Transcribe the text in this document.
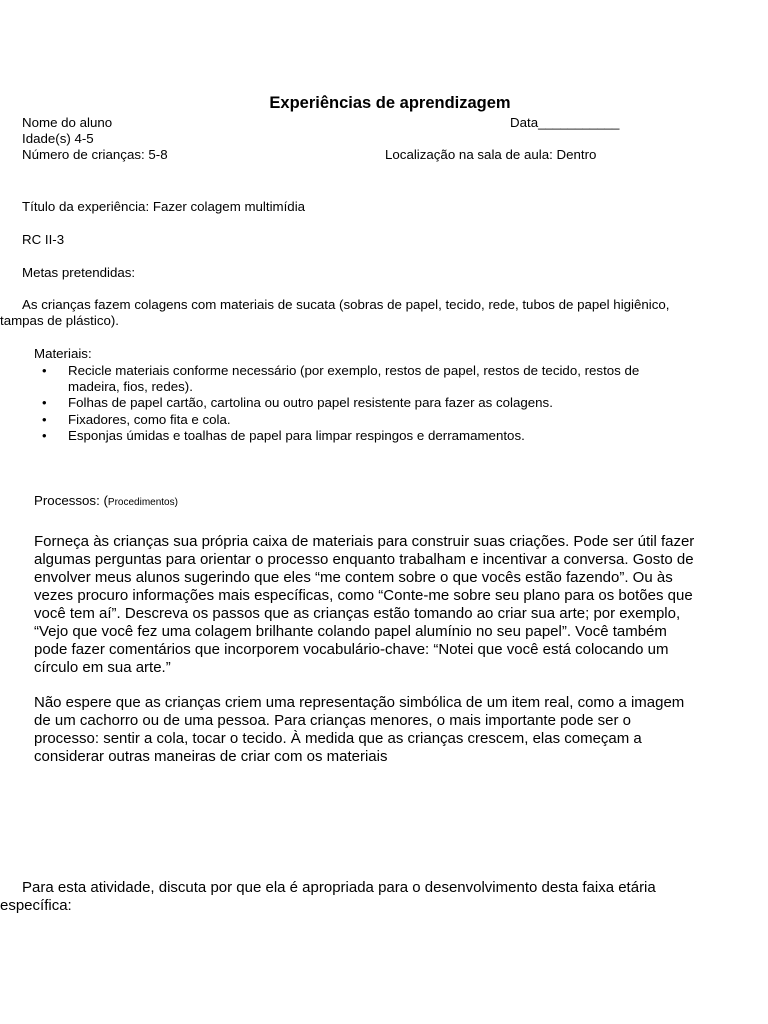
Experiências de aprendizagem
Nome do aluno	Data___________
Idade(s) 4-5
Número de crianças: 5-8	Localização na sala de aula: Dentro
Título da experiência: Fazer colagem multimídia
RC II-3
Metas pretendidas:
As crianças fazem colagens com materiais de sucata (sobras de papel, tecido, rede, tubos de papel higiênico,
tampas de plástico).
Materiais:
• Recicle materiais conforme necessário (por exemplo, restos de papel, restos de tecido, restos de
madeira, fios, redes).
• Folhas de papel cartão, cartolina ou outro papel resistente para fazer as colagens.
• Fixadores, como fita e cola.
• Esponjas úmidas e toalhas de papel para limpar respingos e derramamentos.
Processos: (Procedimentos)
Forneça às crianças sua própria caixa de materiais para construir suas criações. Pode ser útil fazer
algumas perguntas para orientar o processo enquanto trabalham e incentivar a conversa. Gosto de
envolver meus alunos sugerindo que eles “me contem sobre o que vocês estão fazendo”. Ou às
vezes procuro informações mais específicas, como “Conte-me sobre seu plano para os botões que
você tem aí”. Descreva os passos que as crianças estão tomando ao criar sua arte; por exemplo,
“Vejo que você fez uma colagem brilhante colando papel alumínio no seu papel”. Você também
pode fazer comentários que incorporem vocabulário-chave: “Notei que você está colocando um
círculo em sua arte.”
Não espere que as crianças criem uma representação simbólica de um item real, como a imagem
de um cachorro ou de uma pessoa. Para crianças menores, o mais importante pode ser o
processo: sentir a cola, tocar o tecido. À medida que as crianças crescem, elas começam a
considerar outras maneiras de criar com os materiais
Para esta atividade, discuta por que ela é apropriada para o desenvolvimento desta faixa etária
específica:
